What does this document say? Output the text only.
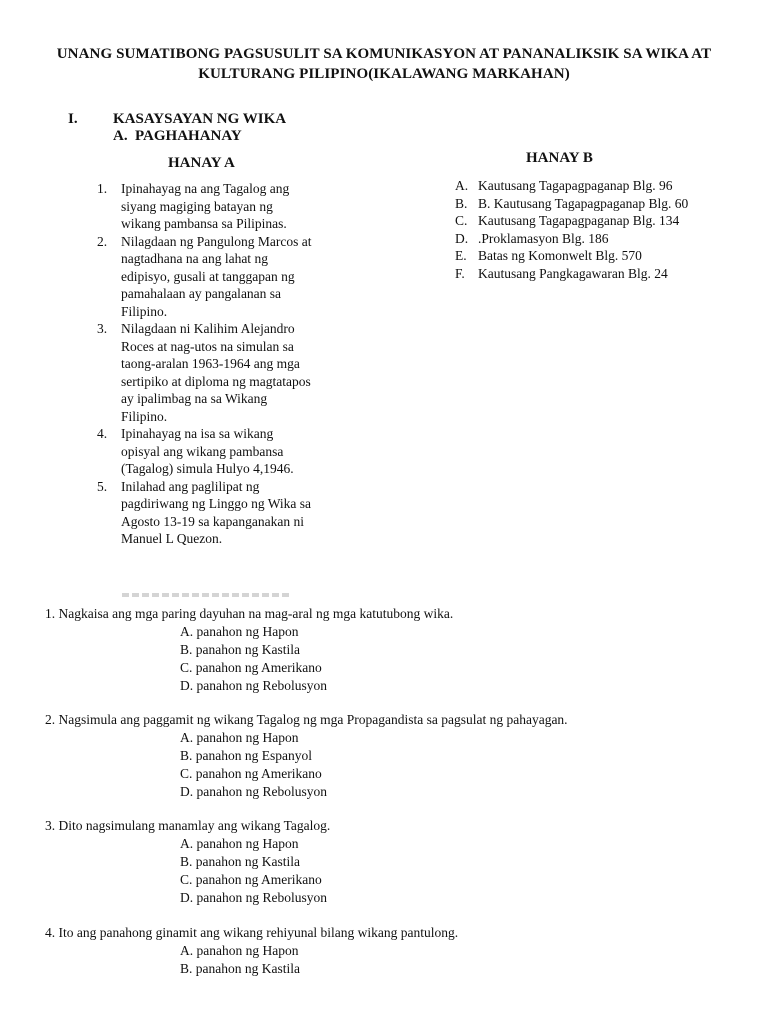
UNANG SUMATIBONG PAGSUSULIT SA KOMUNIKASYON AT PANANALIKSIK SA WIKA AT
KULTURANG PILIPINO(IKALAWANG MARKAHAN)
I. KASAYSAYAN NG WIKA
A. PAGHAHANAY
HANAY A	HANAY B
1.	Ipinahayag na ang Tagalog ang siyang magiging batayan ng wikang pambansa sa Pilipinas.
2.	Nilagdaan ng Pangulong Marcos at nagtadhana na ang lahat ng edipisyo, gusali at tanggapan ng pamahalaan ay pangalanan sa Filipino.
3.	Nilagdaan ni Kalihim Alejandro Roces at nag-utos na simulan sa taong-aralan 1963-1964 ang mga sertipiko at diploma ng magtatapos ay ipalimbag na sa Wikang Filipino.
4.	Ipinahayag na isa sa wikang opisyal ang wikang pambansa (Tagalog) simula Hulyo 4,1946.
5.	Inilahad ang paglilipat ng pagdiriwang ng Linggo ng Wika sa Agosto 13-19 sa kapanganakan ni Manuel L Quezon.
A. Kautusang Tagapagpaganap Blg. 96
B. B. Kautusang Tagapagpaganap Blg. 60
C. Kautusang Tagapagpaganap Blg. 134
D. .Proklamasyon Blg. 186
E. Batas ng Komonwelt Blg. 570
F. Kautusang Pangkagawaran Blg. 24
1. Nagkaisa ang mga paring dayuhan na mag-aral ng mga katutubong wika.
A. panahon ng Hapon
B. panahon ng Kastila
C. panahon ng Amerikano
D. panahon ng Rebolusyon
2. Nagsimula ang paggamit ng wikang Tagalog ng mga Propagandista sa pagsulat ng pahayagan.
A. panahon ng Hapon
B. panahon ng Espanyol
C. panahon ng Amerikano
D. panahon ng Rebolusyon
3. Dito nagsimulang manamlay ang wikang Tagalog.
A. panahon ng Hapon
B. panahon ng Kastila
C. panahon ng Amerikano
D. panahon ng Rebolusyon
4. Ito ang panahong ginamit ang wikang rehiyunal bilang wikang pantulong.
A. panahon ng Hapon
B. panahon ng Kastila
